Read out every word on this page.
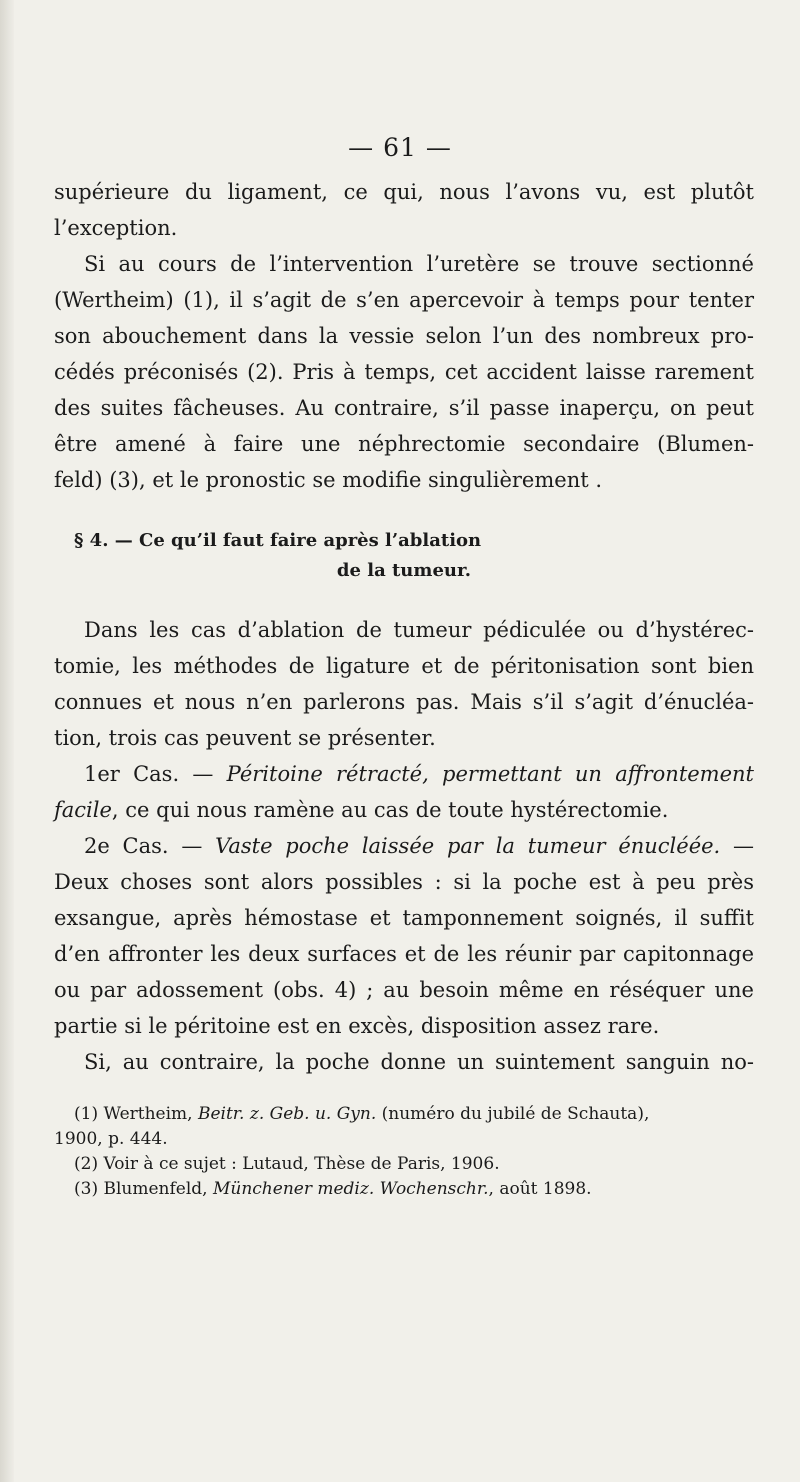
— 61 —

supérieure du ligament, ce qui, nous l’avons vu, est plutôt

l’exception.

Si au cours de l’intervention l’uretère se trouve sectionné

(Wertheim) (1), il s’agit de s’en apercevoir à temps pour tenter

son abouchement dans la vessie selon l’un des nombreux pro-

cédés préconisés (2). Pris à temps, cet accident laisse rarement

des suites fâcheuses. Au contraire, s’il passe inaperçu, on peut

être amené à faire une néphrectomie secondaire (Blumen-

feld) (3), et le pronostic se modifie singulièrement .

§ 4. — Ce qu’il faut faire après l’ablation
de la tumeur.

Dans les cas d’ablation de tumeur pédiculée ou d’hystérec-

tomie, les méthodes de ligature et de péritonisation sont bien

connues et nous n’en parlerons pas. Mais s’il s’agit d’énucléa-

tion, trois cas peuvent se présenter.

1er Cas. — Péritoine rétracté, permettant un affrontement

facile, ce qui nous ramène au cas de toute hystérectomie.

2e Cas. — Vaste poche laissée par la tumeur énucléée. —

Deux choses sont alors possibles : si la poche est à peu près

exsangue, après hémostase et tamponnement soignés, il suffit

d’en affronter les deux surfaces et de les réunir par capitonnage

ou par adossement (obs. 4) ; au besoin même en réséquer une

partie si le péritoine est en excès, disposition assez rare.

Si, au contraire, la poche donne un suintement sanguin no-

(1) Wertheim, Beitr. z. Geb. u. Gyn. (numéro du jubilé de Schauta),

1900, p. 444.

(2) Voir à ce sujet : Lutaud, Thèse de Paris, 1906.

(3) Blumenfeld, Münchener mediz. Wochenschr., août 1898.
